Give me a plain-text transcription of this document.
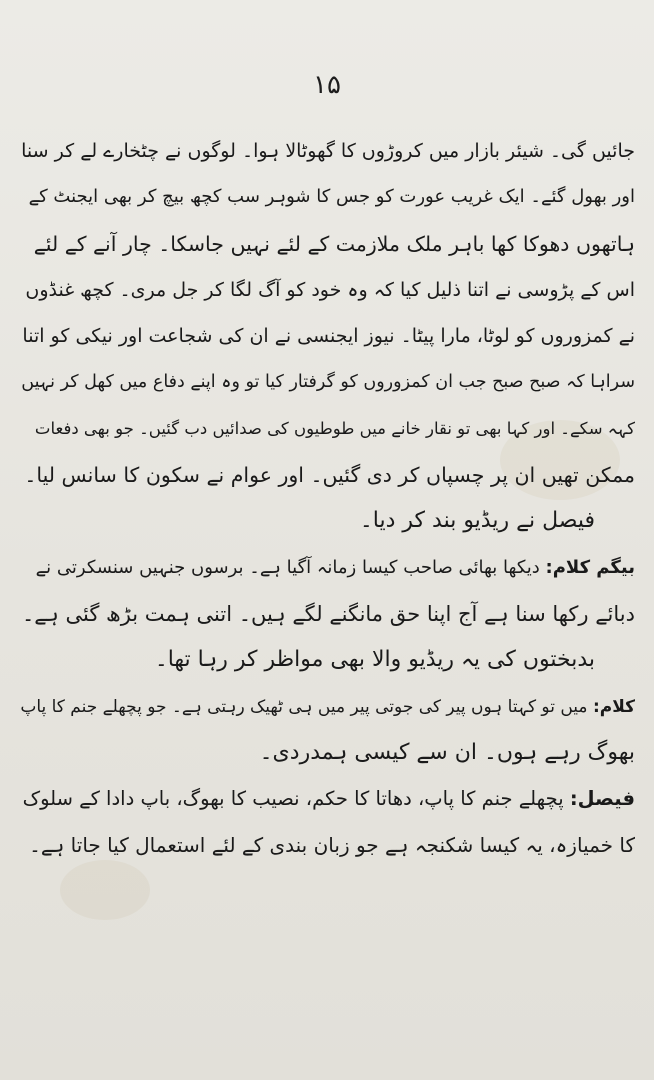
۱۵
جائیں گی۔ شیئر بازار میں کروڑوں کا گھوٹالا ہوا۔ لوگوں نے چٹخارے لے کر سنا
اور بھول گئے۔ ایک غریب عورت کو جس کا شوہر سب کچھ بیچ کر بھی ایجنٹ کے
ہاتھوں دھوکا کھا باہر ملک ملازمت کے لئے نہیں جاسکا۔ چار آنے کے لئے
اس کے پڑوسی نے اتنا ذلیل کیا کہ وہ خود کو آگ لگا کر جل مری۔ کچھ غنڈوں
نے کمزوروں کو لوٹا، مارا پیٹا۔ نیوز ایجنسی نے ان کی شجاعت اور نیکی کو اتنا
سراہا کہ صبح صبح جب ان کمزوروں کو گرفتار کیا تو وہ اپنے دفاع میں کھل کر نہیں
کہہ سکے۔ اور کہا بھی تو نقار خانے میں طوطیوں کی صدائیں دب گئیں۔ جو بھی دفعات
ممکن تھیں ان پر چسپاں کر دی گئیں۔ اور عوام نے سکون کا سانس لیا۔
فیصل نے ریڈیو بند کر دیا۔
بیگم کلام: دیکھا بھائی صاحب کیسا زمانہ آگیا ہے۔ برسوں جنہیں سنسکرتی نے
دبائے رکھا سنا ہے آج اپنا حق مانگنے لگے ہیں۔ اتنی ہمت بڑھ گئی ہے۔
بدبختوں کی یہ ریڈیو والا بھی مواظر کر رہا تھا۔
کلام: میں تو کہتا ہوں پیر کی جوتی پیر میں ہی ٹھیک رہتی ہے۔ جو پچھلے جنم کا پاپ
بھوگ رہے ہوں۔ ان سے کیسی ہمدردی۔
فیصل: پچھلے جنم کا پاپ، دھاتا کا حکم، نصیب کا بھوگ، باپ دادا کے سلوک
کا خمیازہ، یہ کیسا شکنجہ ہے جو زبان بندی کے لئے استعمال کیا جاتا ہے۔
